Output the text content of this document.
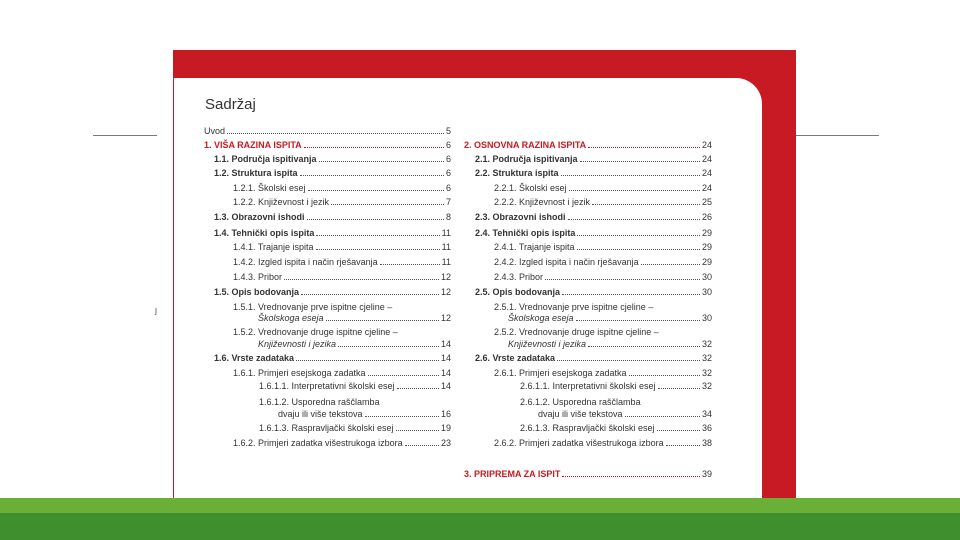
ȷ
3
Sadržaj
Uvod	5
1. VIŠA RAZINA ISPITA	6
1.1. Područja ispitivanja	6
1.2. Struktura ispita	6
1.2.1. Školski esej	6
1.2.2. Književnost i jezik	7
1.3. Obrazovni ishodi	8
1.4. Tehnički opis ispita	11
1.4.1. Trajanje ispita	11
1.4.2. Izgled ispita i način rješavanja	11
1.4.3. Pribor	12
1.5. Opis bodovanja	12
1.5.1. Vrednovanje prve ispitne cjeline –
Školskoga eseja	12
1.5.2. Vrednovanje druge ispitne cjeline –
Književnosti i jezika	14
1.6. Vrste zadataka	14
1.6.1. Primjeri esejskoga zadatka	14
1.6.1.1. Interpretativni školski esej	14
1.6.1.2. Usporedna raščlamba
dvaju ili više tekstova	16
1.6.1.3. Raspravljački školski esej	19
1.6.2. Primjeri zadatka višestrukoga izbora	23
2. OSNOVNA RAZINA ISPITA	24
2.1. Područja ispitivanja	24
2.2. Struktura ispita	24
2.2.1. Školski esej	24
2.2.2. Književnost i jezik	25
2.3. Obrazovni ishodi	26
2.4. Tehnički opis ispita	29
2.4.1. Trajanje ispita	29
2.4.2. Izgled ispita i način rješavanja	29
2.4.3. Pribor	30
2.5. Opis bodovanja	30
2.5.1. Vrednovanje prve ispitne cjeline –
Školskoga eseja	30
2.5.2. Vrednovanje druge ispitne cjeline –
Književnosti i jezika	32
2.6. Vrste zadataka	32
2.6.1. Primjeri esejskoga zadatka	32
2.6.1.1. Interpretativni školski esej	32
2.6.1.2. Usporedna raščlamba
dvaju ili više tekstova	34
2.6.1.3. Raspravljački školski esej	36
2.6.2. Primjeri zadatka višestrukoga izbora	38
3. PRIPREMA ZA ISPIT	39
